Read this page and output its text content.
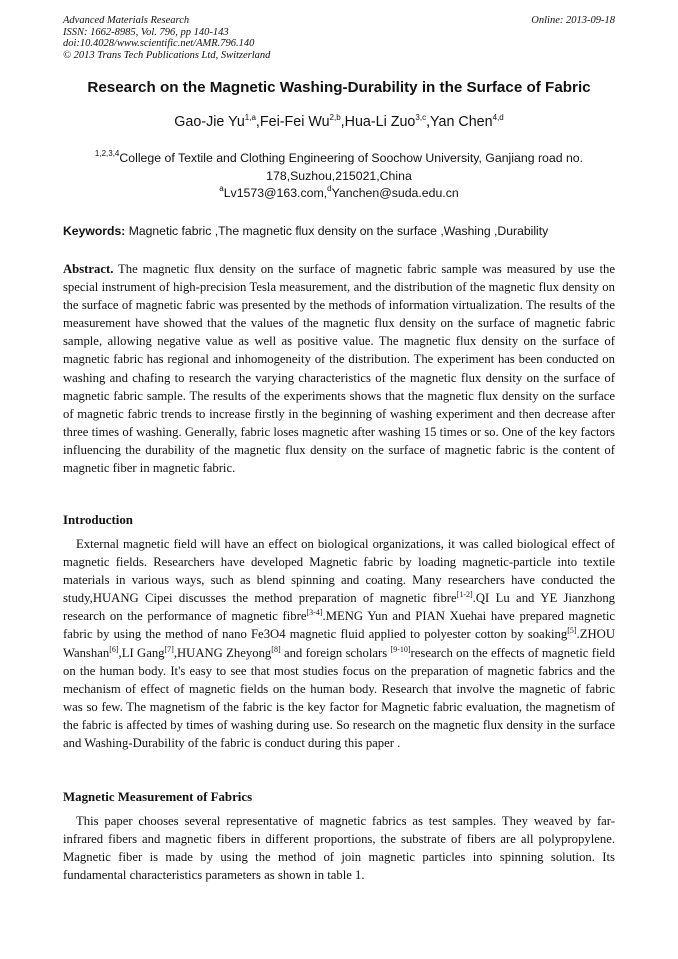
Advanced Materials Research
ISSN: 1662-8985, Vol. 796, pp 140-143
doi:10.4028/www.scientific.net/AMR.796.140
© 2013 Trans Tech Publications Ltd, Switzerland
Online: 2013-09-18
Research on the Magnetic Washing-Durability in the Surface of Fabric
Gao-Jie Yu$^{1,a}$,Fei-Fei Wu$^{2,b}$,Hua-Li Zuo$^{3,c}$,Yan Chen$^{4,d}$
$^{1,2,3,4}$College of Textile and Clothing Engineering of Soochow University, Ganjiang road no.
178,Suzhou,215021,China
$^a$Lv1573@163.com,$^d$Yanchen@suda.edu.cn
Keywords: Magnetic fabric ,The magnetic flux density on the surface ,Washing ,Durability
Abstract. The magnetic flux density on the surface of magnetic fabric sample was measured by use the special instrument of high-precision Tesla measurement, and the distribution of the magnetic flux density on the surface of magnetic fabric was presented by the methods of information virtualization. The results of the measurement have showed that the values of the magnetic flux density on the surface of magnetic fabric sample, allowing negative value as well as positive value. The magnetic flux density on the surface of magnetic fabric has regional and inhomogeneity of the distribution. The experiment has been conducted on washing and chafing to research the varying characteristics of the magnetic flux density on the surface of magnetic fabric sample. The results of the experiments shows that the magnetic flux density on the surface of magnetic fabric trends to increase firstly in the beginning of washing experiment and then decrease after three times of washing. Generally, fabric loses magnetic after washing 15 times or so. One of the key factors influencing the durability of the magnetic flux density on the surface of magnetic fabric is the content of magnetic fiber in magnetic fabric.
Introduction
External magnetic field will have an effect on biological organizations, it was called biological effect of magnetic fields. Researchers have developed Magnetic fabric by loading magnetic-particle into textile materials in various ways, such as blend spinning and coating. Many researchers have conducted the study,HUANG Cipei discusses the method preparation of magnetic fibre[1-2].QI Lu and YE Jianzhong research on the performance of magnetic fibre[3-4].MENG Yun and PIAN Xuehai have prepared magnetic fabric by using the method of nano Fe3O4 magnetic fluid applied to polyester cotton by soaking[5].ZHOU Wanshan[6],LI Gang[7],HUANG Zheyong[8] and foreign scholars [9-10]research on the effects of magnetic field on the human body. It's easy to see that most studies focus on the preparation of magnetic fabrics and the mechanism of effect of magnetic fields on the human body. Research that involve the magnetic of fabric was so few. The magnetism of the fabric is the key factor for Magnetic fabric evaluation, the magnetism of the fabric is affected by times of washing during use. So research on the magnetic flux density in the surface and Washing-Durability of the fabric is conduct during this paper .
Magnetic Measurement of Fabrics
This paper chooses several representative of magnetic fabrics as test samples. They weaved by far-infrared fibers and magnetic fibers in different proportions, the substrate of fibers are all polypropylene. Magnetic fiber is made by using the method of join magnetic particles into spinning solution. Its fundamental characteristics parameters as shown in table 1.
